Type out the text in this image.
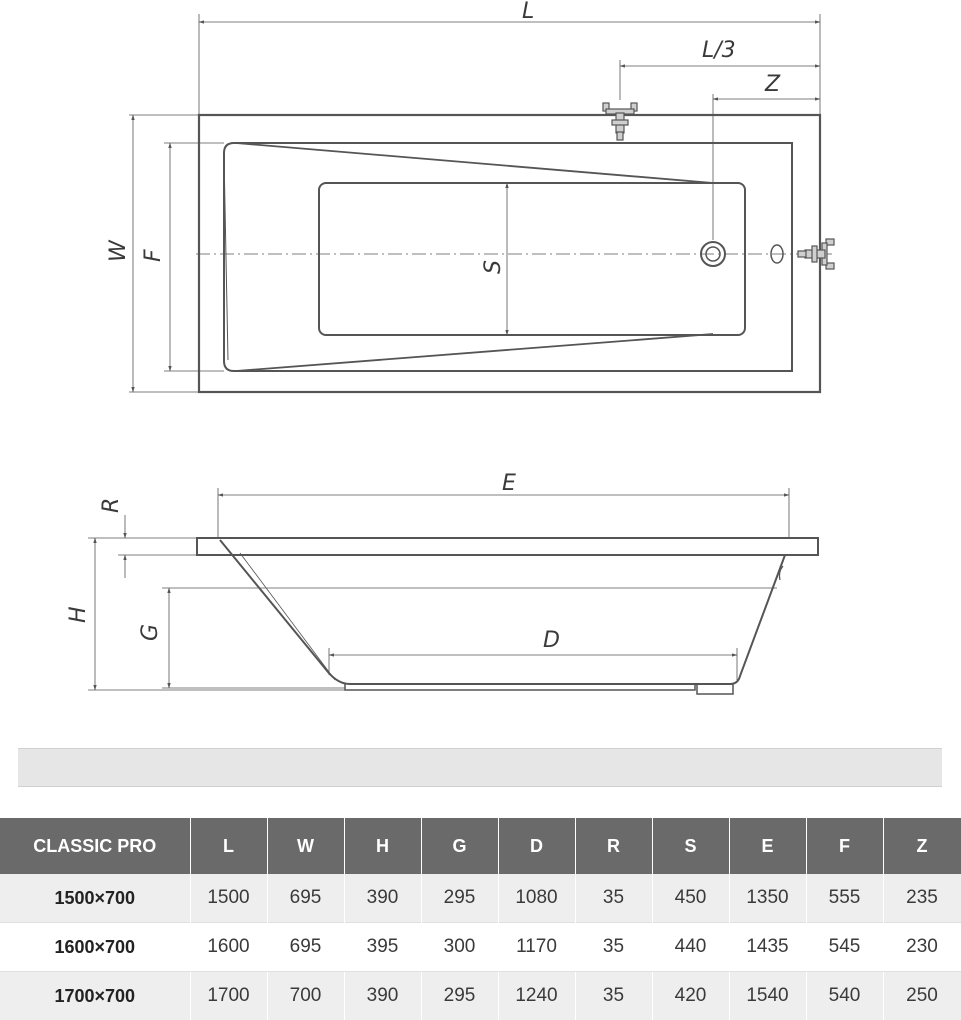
L
L/3
Z
W F
S
E
R
H
G	D
CLASSIC PRO	L	W	H	G	D	R	S	E	F	Z
1500×700	1500	695	390	295	1080	35	450	1350	555	235
1600×700	1600	695	395	300	1170	35	440	1435	545	230
1700×700	1700	700	390	295	1240	35	420	1540	540	250
